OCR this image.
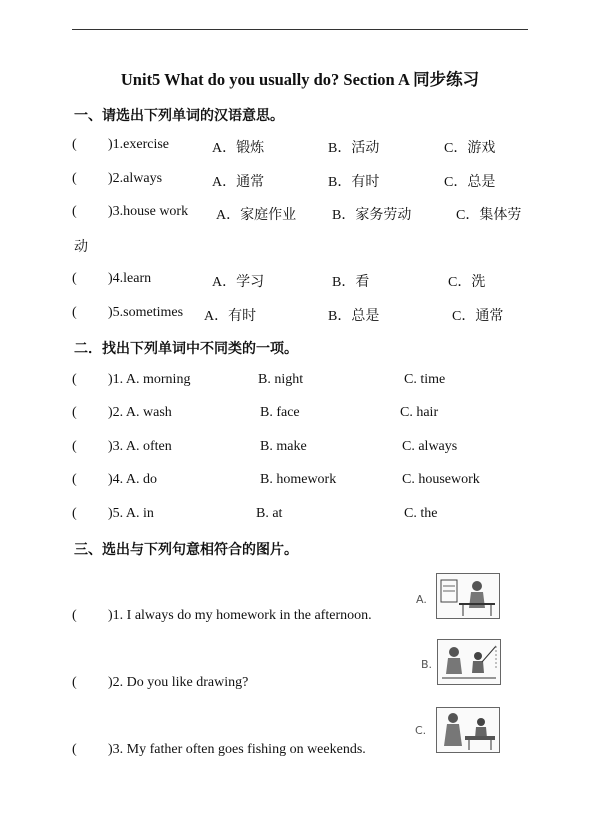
Unit5 What do you usually do? Section A 同步练习
一、请选出下列单词的汉语意思。
( )1.exercise	A．锻炼	B．活动	C．游戏
( )2.always	A．通常	B．有时	C．总是
( )3.house work A．家庭作业	B．家务劳动	C．集体劳
动
( )4.learn	A．学习	B．看	C．洗
( )5.sometimes A．有时	B．总是	C．通常
二．找出下列单词中不同类的一项。
( )1. A. morning	B. night	C. time
( )2. A. wash	B. face	C. hair
( )3. A. often	B. make	C. always
( )4. A. do	B. homework	C. housework
( )5. A. in	B. at	C. the
三、选出与下列句意相符合的图片。
( )1. I always do my homework in the afternoon.
( )2. Do you like drawing?
( )3. My father often goes fishing on weekends.
A.
B.
C.
